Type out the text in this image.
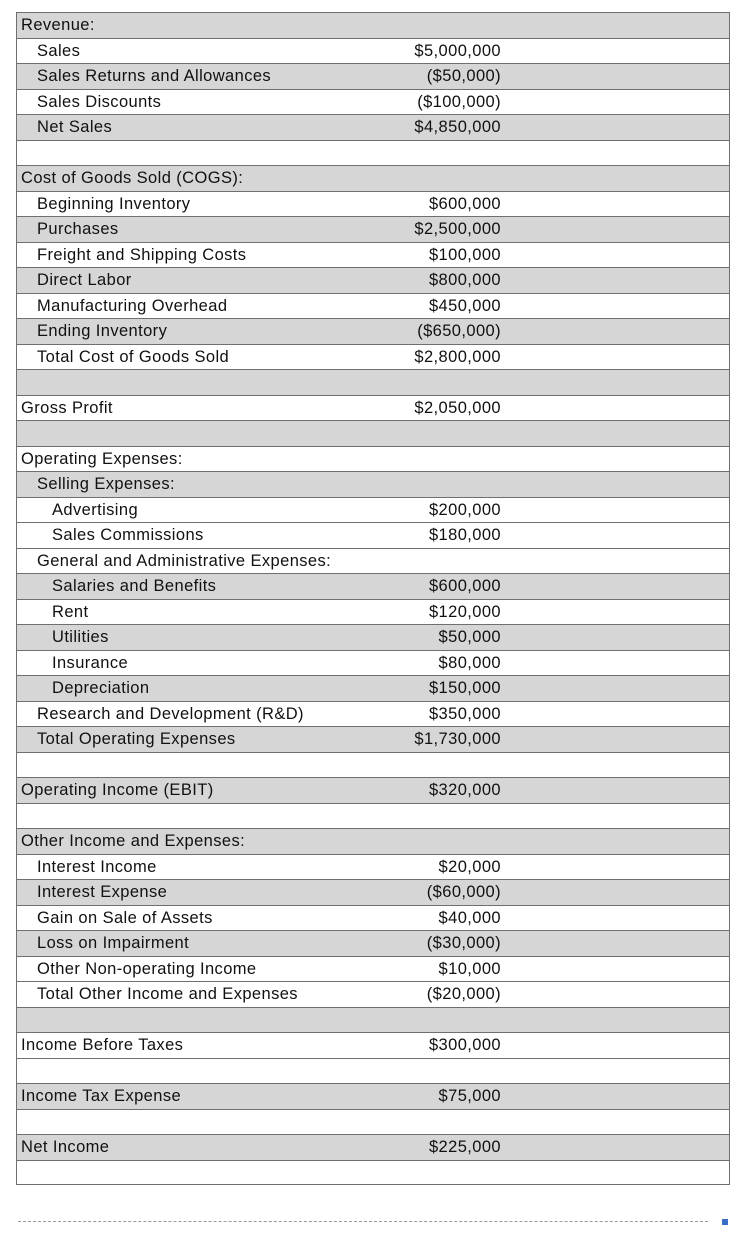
Revenue:
Sales	$5,000,000
Sales Returns and Allowances	($50,000)
Sales Discounts	($100,000)
Net Sales	$4,850,000
Cost of Goods Sold (COGS):
Beginning Inventory	$600,000
Purchases	$2,500,000
Freight and Shipping Costs	$100,000
Direct Labor	$800,000
Manufacturing Overhead	$450,000
Ending Inventory	($650,000)
Total Cost of Goods Sold	$2,800,000
Gross Profit	$2,050,000
Operating Expenses:
Selling Expenses:
Advertising	$200,000
Sales Commissions	$180,000
General and Administrative Expenses:
Salaries and Benefits	$600,000
Rent	$120,000
Utilities	$50,000
Insurance	$80,000
Depreciation	$150,000
Research and Development (R&D)	$350,000
Total Operating Expenses	$1,730,000
Operating Income (EBIT)	$320,000
Other Income and Expenses:
Interest Income	$20,000
Interest Expense	($60,000)
Gain on Sale of Assets	$40,000
Loss on Impairment	($30,000)
Other Non-operating Income	$10,000
Total Other Income and Expenses	($20,000)
Income Before Taxes	$300,000
Income Tax Expense	$75,000
Net Income	$225,000
